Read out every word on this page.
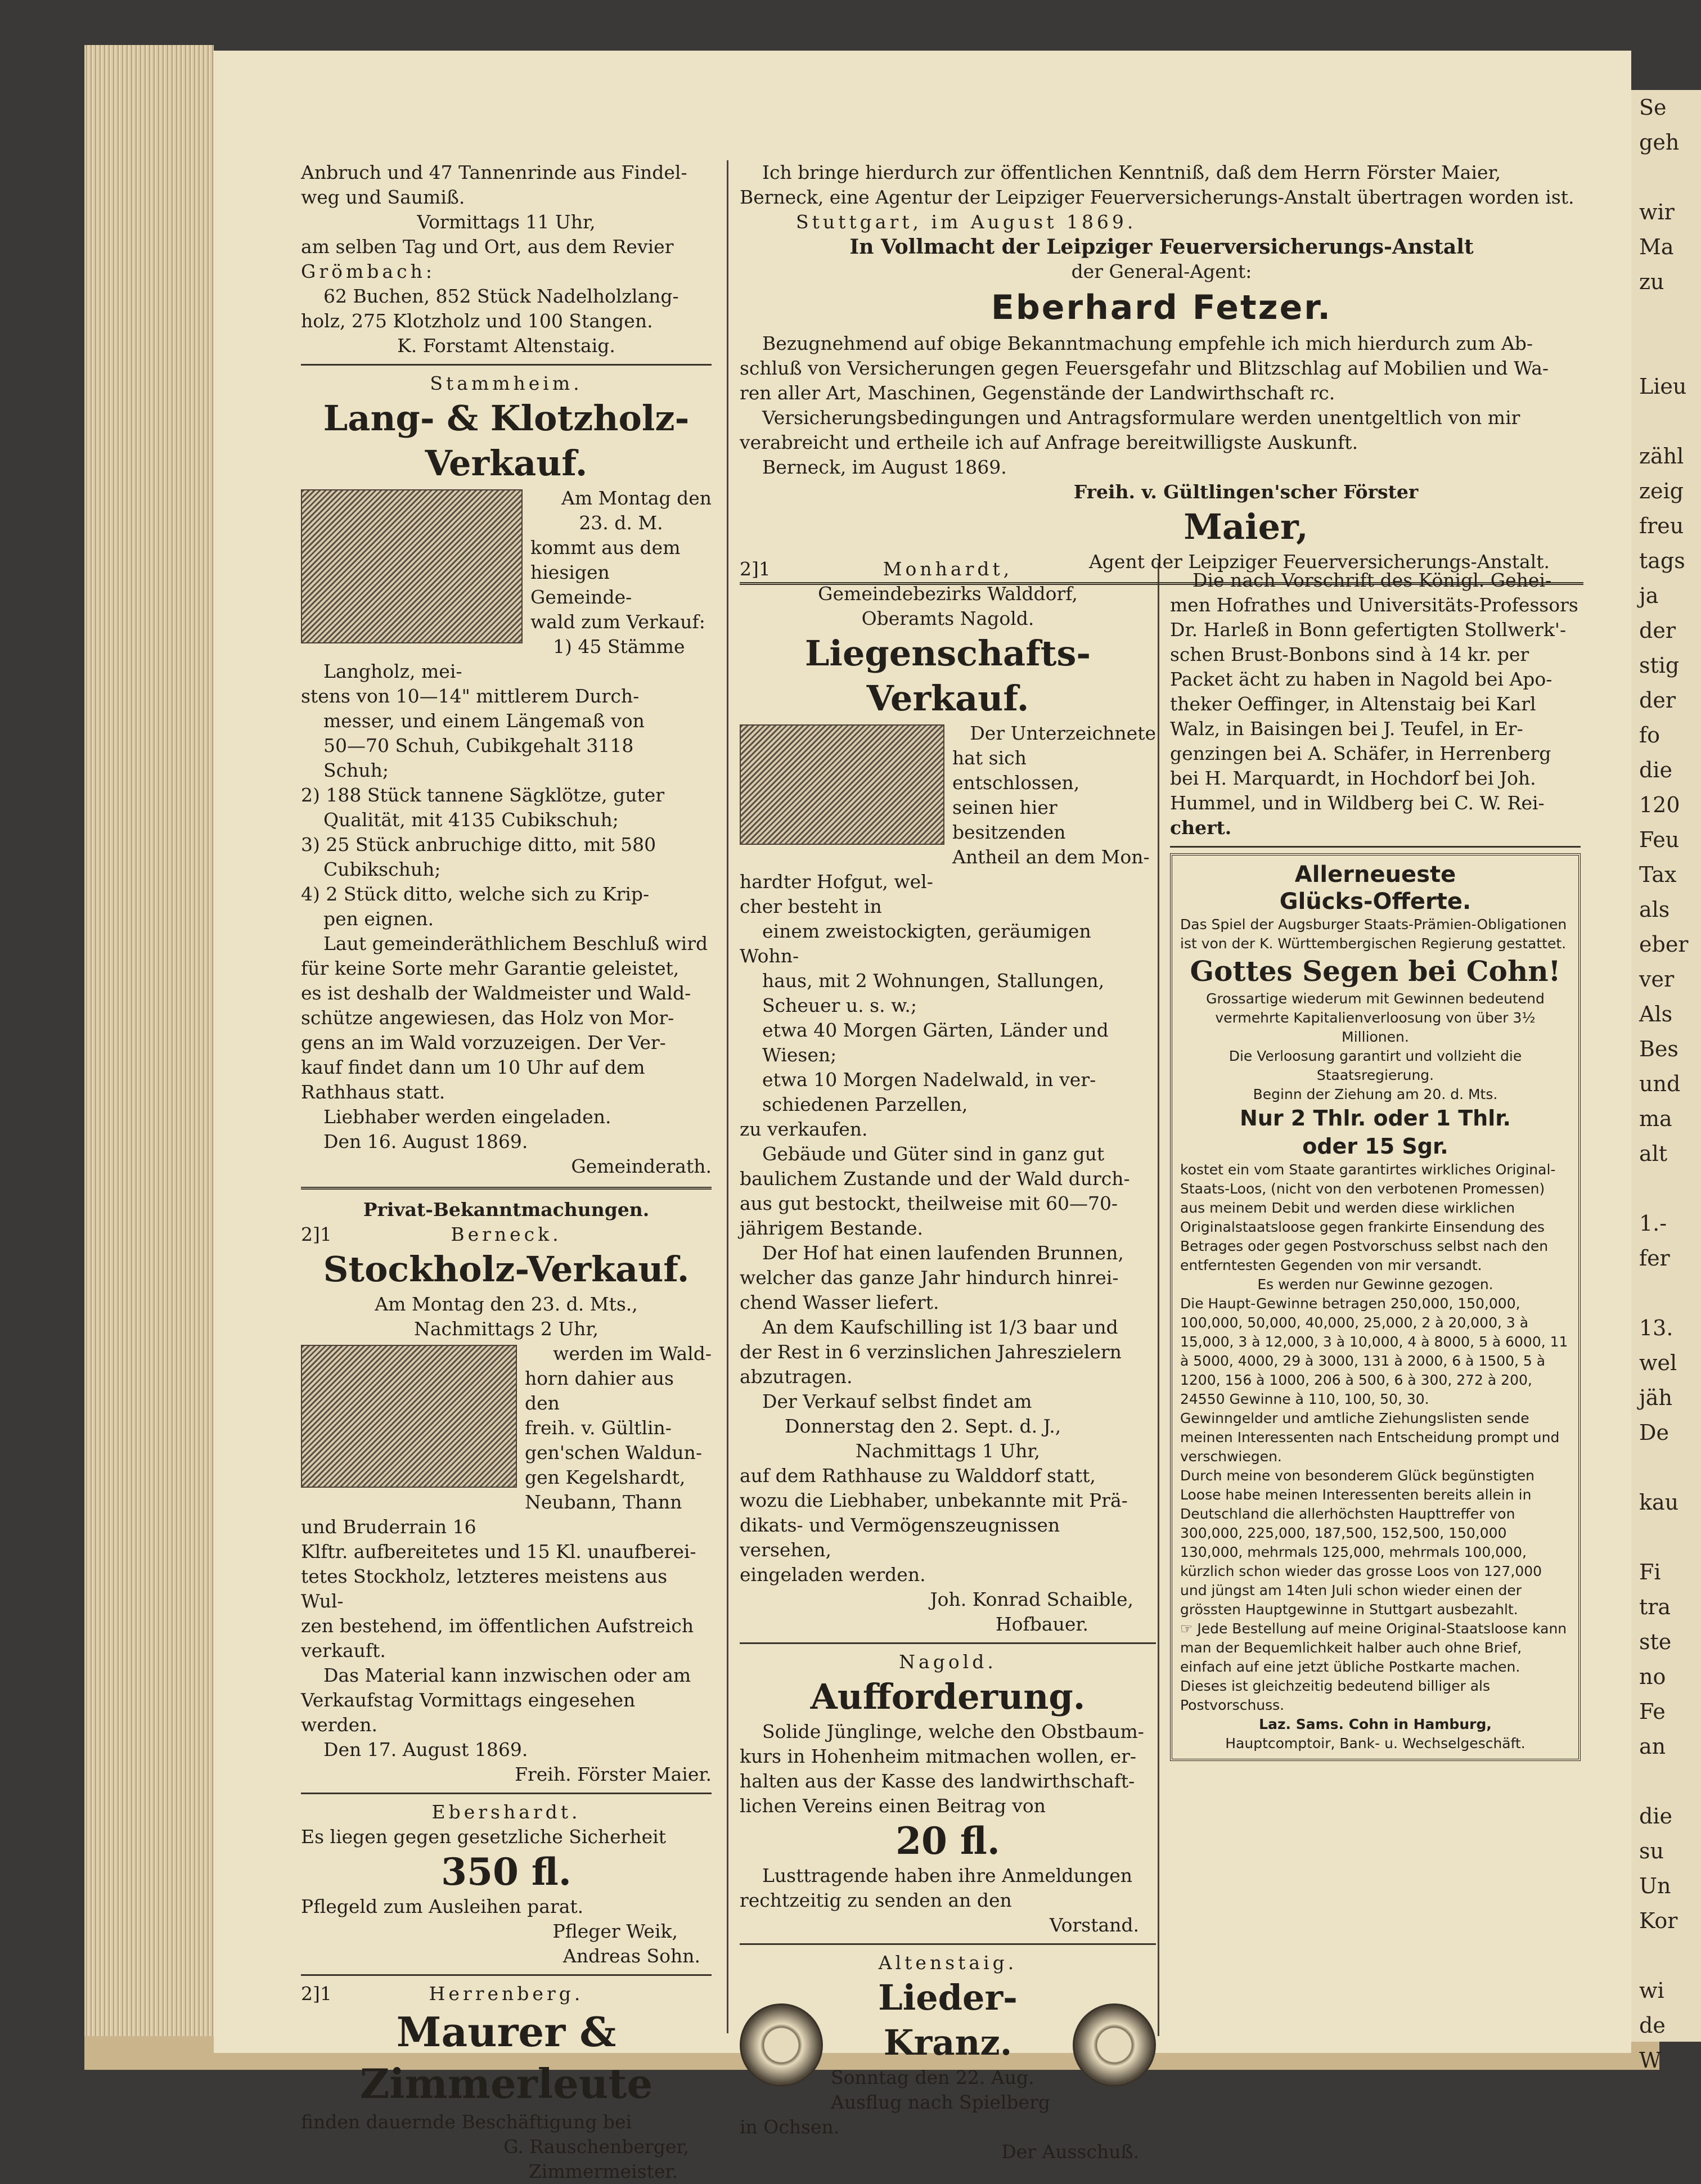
Se
geh

wir
Ma
zu

Lieu

zähl
zeig
freu
tags
ja
der
stig
der
fo
die
120
Feu
Tax
als
eber
ver
Als
Bes
und
ma
alt

1.-
fer

13.
wel
jäh
De

kau

Fi
tra
ste
no
Fe
an

die
su
Un
Kor

wi
de
W

Anbruch und 47 Tannenrinde aus Findel-

weg und Saumiß.

Vormittags 11 Uhr,

am selben Tag und Ort, aus dem Revier

Grömbach:

62 Buchen, 852 Stück Nadelholzlang-

holz, 275 Klotzholz und 100 Stangen.

K. Forstamt Altenstaig.

Stammheim.

Lang- & Klotzholz-Verkauf.

Am Montag den

23. d. M.

kommt aus dem

hiesigen Gemeinde-

wald zum Verkauf:

1) 45 Stämme

Langholz, mei-

stens von 10—14" mittlerem Durch-

messer, und einem Längemaß von

50—70 Schuh, Cubikgehalt 3118

Schuh;

2) 188 Stück tannene Sägklötze, guter

Qualität, mit 4135 Cubikschuh;

3) 25 Stück anbruchige ditto, mit 580

Cubikschuh;

4) 2 Stück ditto, welche sich zu Krip-

pen eignen.

Laut gemeinderäthlichem Beschluß wird

für keine Sorte mehr Garantie geleistet,

es ist deshalb der Waldmeister und Wald-

schütze angewiesen, das Holz von Mor-

gens an im Wald vorzuzeigen. Der Ver-

kauf findet dann um 10 Uhr auf dem

Rathhaus statt.

Liebhaber werden eingeladen.

Den 16. August 1869.

Gemeinderath.

Privat-Bekanntmachungen.

2]1	Berneck.

Stockholz-Verkauf.

Am Montag den 23. d. Mts.,

Nachmittags 2 Uhr,

werden im Wald-

horn dahier aus den

freih. v. Gültlin-

gen'schen Waldun-

gen Kegelshardt,

Neubann, Thann

und Bruderrain 16

Klftr. aufbereitetes und 15 Kl. unaufberei-

tetes Stockholz, letzteres meistens aus Wul-

zen bestehend, im öffentlichen Aufstreich

verkauft.

Das Material kann inzwischen oder am

Verkaufstag Vormittags eingesehen werden.

Den 17. August 1869.

Freih. Förster Maier.

Ebershardt.

Es liegen gegen gesetzliche Sicherheit

350 fl.

Pflegeld zum Ausleihen parat.

Pfleger Weik,

Andreas Sohn.

2]1	Herrenberg.

Maurer &
Zimmerleute

finden dauernde Beschäftigung bei

G. Rauschenberger,

Zimmermeister.

Ich bringe hierdurch zur öffentlichen Kenntniß, daß dem Herrn Förster Maier,

Berneck, eine Agentur der Leipziger Feuerversicherungs-Anstalt übertragen worden ist.

Stuttgart, im August 1869.

In Vollmacht der Leipziger Feuerversicherungs-Anstalt

der General-Agent:

Eberhard Fetzer.

Bezugnehmend auf obige Bekanntmachung empfehle ich mich hierdurch zum Ab-

schluß von Versicherungen gegen Feuersgefahr und Blitzschlag auf Mobilien und Wa-

ren aller Art, Maschinen, Gegenstände der Landwirthschaft rc.

Versicherungsbedingungen und Antragsformulare werden unentgeltlich von mir

verabreicht und ertheile ich auf Anfrage bereitwilligste Auskunft.

Berneck, im August 1869.

Freih. v. Gültlingen'scher Förster

Maier,

Agent der Leipziger Feuerversicherungs-Anstalt.

2]1	Monhardt,

Gemeindebezirks Walddorf,

Oberamts Nagold.

Liegenschafts-Verkauf.

Der Unterzeichnete

hat sich entschlossen,

seinen hier besitzenden

Antheil an dem Mon-

hardter Hofgut, wel-

cher besteht in

einem zweistockigten, geräumigen Wohn-

haus, mit 2 Wohnungen, Stallungen,

Scheuer u. s. w.;

etwa 40 Morgen Gärten, Länder und

Wiesen;

etwa 10 Morgen Nadelwald, in ver-

schiedenen Parzellen,

zu verkaufen.

Gebäude und Güter sind in ganz gut

baulichem Zustande und der Wald durch-

aus gut bestockt, theilweise mit 60—70-

jährigem Bestande.

Der Hof hat einen laufenden Brunnen,

welcher das ganze Jahr hindurch hinrei-

chend Wasser liefert.

An dem Kaufschilling ist 1/3 baar und

der Rest in 6 verzinslichen Jahreszielern

abzutragen.

Der Verkauf selbst findet am

Donnerstag den 2. Sept. d. J.,

Nachmittags 1 Uhr,

auf dem Rathhause zu Walddorf statt,

wozu die Liebhaber, unbekannte mit Prä-

dikats- und Vermögenszeugnissen versehen,

eingeladen werden.

Joh. Konrad Schaible,

Hofbauer.

Nagold.

Aufforderung.

Solide Jünglinge, welche den Obstbaum-

kurs in Hohenheim mitmachen wollen, er-

halten aus der Kasse des landwirthschaft-

lichen Vereins einen Beitrag von

20 fl.

Lusttragende haben ihre Anmeldungen

rechtzeitig zu senden an den

Vorstand.

Altenstaig.

Lieder-Kranz.

Sonntag den 22. Aug.

Ausflug nach Spielberg

in Ochsen.

Der Ausschuß.

Die nach Vorschrift des Königl. Gehei-

men Hofrathes und Universitäts-Professors

Dr. Harleß in Bonn gefertigten Stollwerk'-

schen Brust-Bonbons sind à 14 kr. per

Packet ächt zu haben in Nagold bei Apo-

theker Oeffinger, in Altenstaig bei Karl

Walz, in Baisingen bei J. Teufel, in Er-

genzingen bei A. Schäfer, in Herrenberg

bei H. Marquardt, in Hochdorf bei Joh.

Hummel, und in Wildberg bei C. W. Rei-

chert.

Allerneueste
Glücks-Offerte.

Das Spiel der Augsburger Staats-Prämien-Obligationen ist von der K. Württembergischen Regierung gestattet.

Gottes Segen bei Cohn!

Grossartige wiederum mit Gewinnen bedeutend vermehrte Kapitalienverloosung von über 3½ Millionen.

Die Verloosung garantirt und vollzieht die Staatsregierung.

Beginn der Ziehung am 20. d. Mts.

Nur 2 Thlr. oder 1 Thlr.
oder 15 Sgr.

kostet ein vom Staate garantirtes wirkliches Original-Staats-Loos, (nicht von den verbotenen Promessen) aus meinem Debit und werden diese wirklichen Originalstaatsloose gegen frankirte Einsendung des Betrages oder gegen Postvorschuss selbst nach den entferntesten Gegenden von mir versandt.

Es werden nur Gewinne gezogen.

Die Haupt-Gewinne betragen 250,000, 150,000, 100,000, 50,000, 40,000, 25,000, 2 à 20,000, 3 à 15,000, 3 à 12,000, 3 à 10,000, 4 à 8000, 5 à 6000, 11 à 5000, 4000, 29 à 3000, 131 à 2000, 6 à 1500, 5 à 1200, 156 à 1000, 206 à 500, 6 à 300, 272 à 200, 24550 Gewinne à 110, 100, 50, 30.

Gewinngelder und amtliche Ziehungslisten sende meinen Interessenten nach Entscheidung prompt und verschwiegen.

Durch meine von besonderem Glück begünstigten Loose habe meinen Interessenten bereits allein in Deutschland die allerhöchsten Haupttreffer von 300,000, 225,000, 187,500, 152,500, 150,000 130,000, mehrmals 125,000, mehrmals 100,000, kürzlich schon wieder das grosse Loos von 127,000 und jüngst am 14ten Juli schon wieder einen der grössten Hauptgewinne in Stuttgart ausbezahlt.

☞ Jede Bestellung auf meine Original-Staatsloose kann man der Bequemlichkeit halber auch ohne Brief, einfach auf eine jetzt übliche Postkarte machen. Dieses ist gleichzeitig bedeutend billiger als Postvorschuss.

Laz. Sams. Cohn in Hamburg,

Hauptcomptoir, Bank- u. Wechselgeschäft.
